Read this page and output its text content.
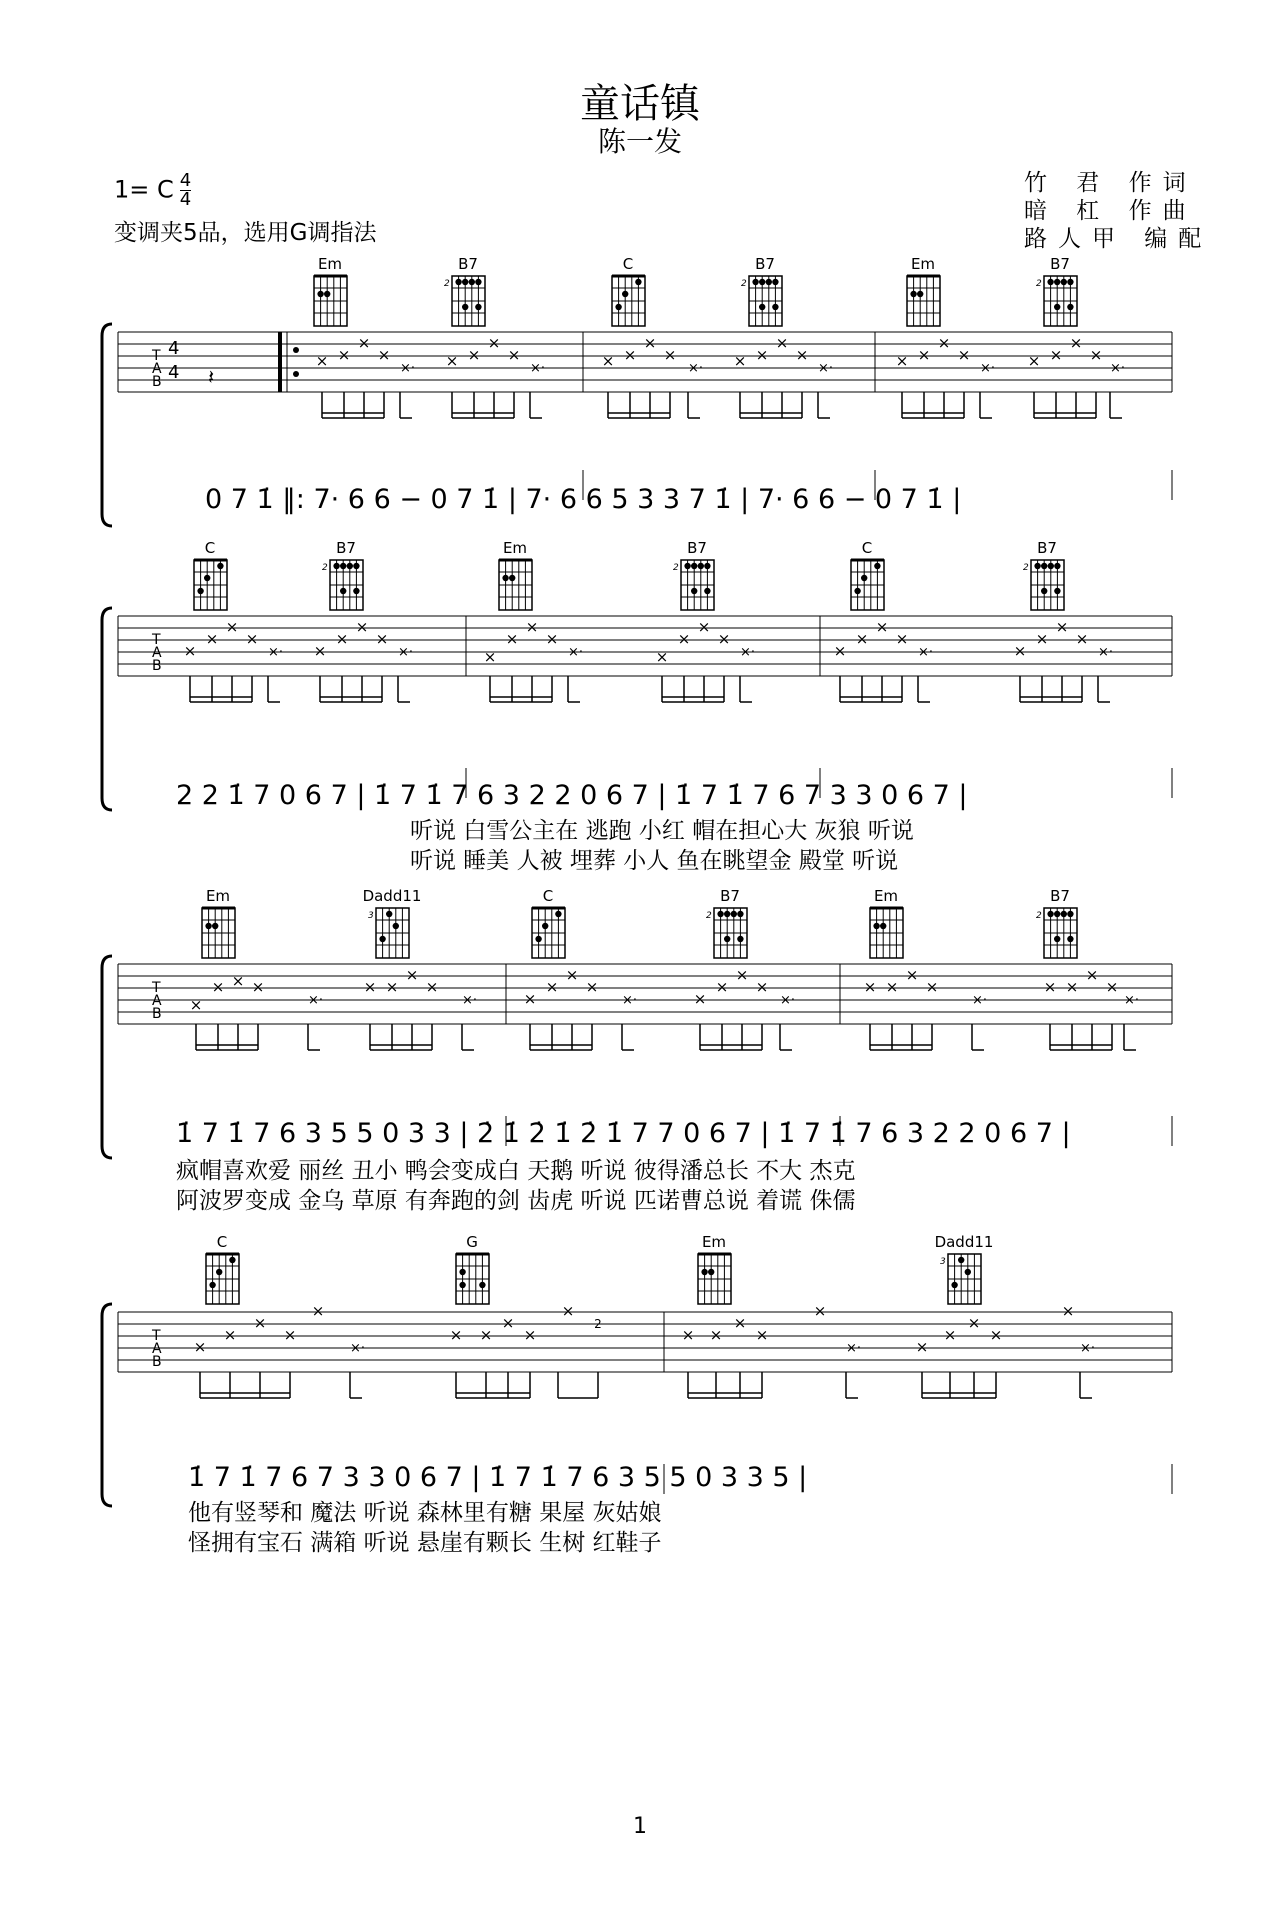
童话镇
陈一发
1= C $\frac{4}{4}$
变调夹5品，选用G调指法
竹 君 作词
暗 杠 作曲
路人甲 编配
Em	B7
2
C	B7
2
Em	B7
2
T
A
B
4
4 𝄽
× ×
×
×	× ×
×
×	× ×
×
×	× ×
×
×	× ×
×
×	× ×
×
×
×·	×·	×·	×·	×·	×·
0 7 1̇ ‖: 7· 6 6 − 0 7 1̇ | 7· 6 6 5 3 3 7 1̇ | 7· 6 6 − 0 7 1̇ |
C	B7
2
Em	B7
2
C	B7
2
T
A
B
×
×
×
×
×
×
×
×
×
×
×
×
×
×
×
×
×
×
×
×
×
×
×
×
×·	×·	×·	×·	×·	×·
2 2 1̇ 7 0 6 7 | 1̇ 7 1̇ 7 6 3 2 2 0 6 7 | 1̇ 7 1̇ 7 6 7 3 3 0 6 7 |
听说 白雪公主在 逃跑 小红 帽在担心大 灰狼 听说
听说 睡美 人被 埋葬 小人 鱼在眺望金 殿堂 听说
Em	Dadd11
3
C	B7
2
Em	B7
2
T
A
B ×
× × ×	× ×
×
×
×
×
×
×
×
×
×
×	× ×
×
×	× ×
×
×
×·	×·	×·	×·	×·	×·
1̇ 7 1̇ 7 6 3 5 5 0 3 3 | 2̇ 1̇ 2̇ 1̇ 2̇ 1̇ 7 7 0 6 7 | 1̇ 7 1̇ 7 6 3 2 2 0 6 7 |
疯帽喜欢爱 丽丝 丑小 鸭会变成白 天鹅 听说 彼得潘总长 不大 杰克
阿波罗变成 金乌 草原 有奔跑的剑 齿虎 听说 匹诺曹总说 着谎 侏儒
C	G	Em	Dadd11
3
T
A
B
×
×
×
×	× ×
×
×	× ×
×
×
×
×
×
×
×	×	×	×
2
×·	×·	×·
1̇ 7 1̇ 7 6 7 3 3 0 6 7 | 1̇ 7 1̇ 7 6 3 5 5 0 3 3 5 |
他有竖琴和 魔法 听说 森林里有糖 果屋 灰姑娘
怪拥有宝石 满箱 听说 悬崖有颗长 生树 红鞋子
1
